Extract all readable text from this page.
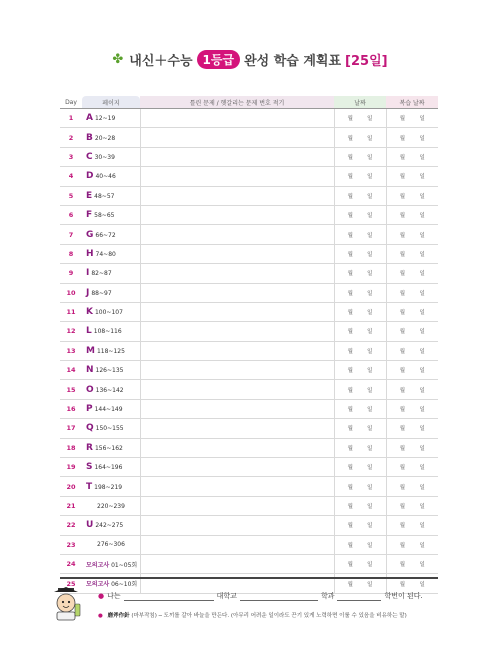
✤ 내신＋수능 1등급 완성 학습 계획표 [25일]
Day	페이지	틀린 문제 / 헷갈리는 문제 번호 적기	날짜	복습 날짜
1	A 12~19		월 일	월 일

2	B 20~28		월 일	월 일

3	C 30~39		월 일	월 일

4	D 40~46		월 일	월 일

5	E 48~57		월 일	월 일

6	F 58~65		월 일	월 일

7	G 66~72		월 일	월 일

8	H 74~80		월 일	월 일

9	I 82~87		월 일	월 일

10	J 88~97		월 일	월 일

11	K 100~107		월 일	월 일

12	L 108~116		월 일	월 일

13	M 118~125		월 일	월 일

14	N 126~135		월 일	월 일

15	O 136~142		월 일	월 일

16	P 144~149		월 일	월 일

17	Q 150~155		월 일	월 일

18	R 156~162		월 일	월 일

19	S 164~196		월 일	월 일

20	T 198~219		월 일	월 일

21	220~239		월 일	월 일

22	U 242~275		월 일	월 일

23	276~306		월 일	월 일

24	모의고사 01~05회		월 일	월 일

25	모의고사 06~10회		월 일	월 일
● 나는	대학교	학과	학번이 된다.
● 磨斧作針 (마부작침) ─ 도끼를 갈아 바늘을 만든다. (아무리 어려운 일이라도 끈기 있게 노력하면 이룰 수 있음을 비유하는 말)
